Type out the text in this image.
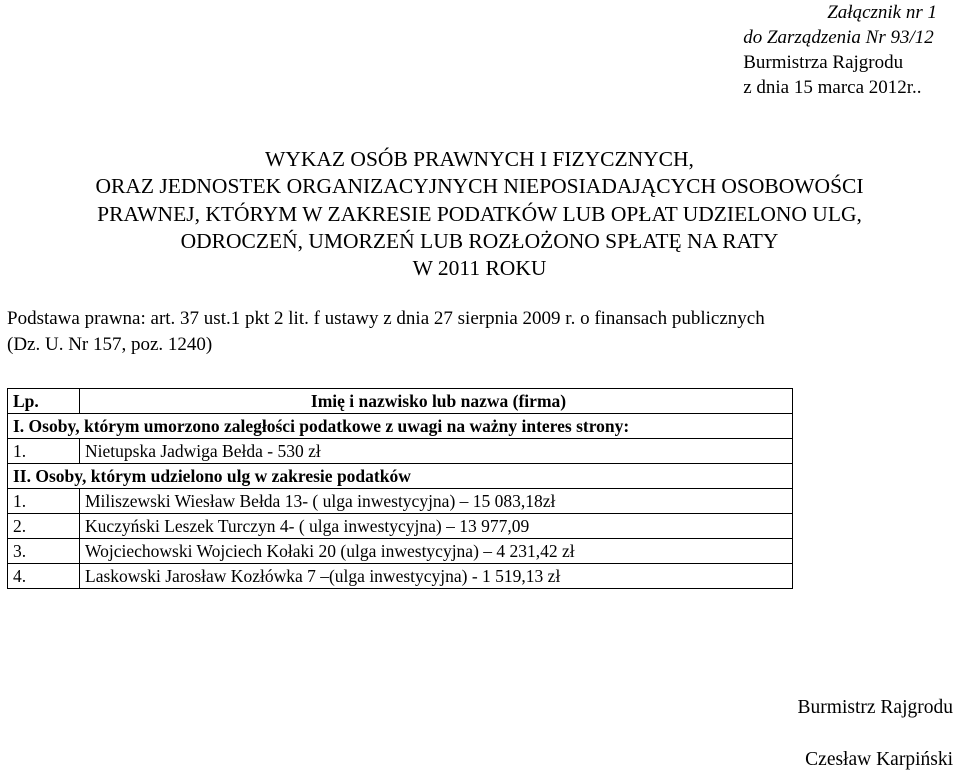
Załącznik nr 1
do Zarządzenia Nr 93/12
Burmistrza Rajgrodu
z dnia 15 marca 2012r..
WYKAZ OSÓB PRAWNYCH I FIZYCZNYCH,
ORAZ JEDNOSTEK ORGANIZACYJNYCH NIEPOSIADAJĄCYCH OSOBOWOŚCI
PRAWNEJ, KTÓRYM W ZAKRESIE PODATKÓW LUB OPŁAT UDZIELONO ULG,
ODROCZEŃ, UMORZEŃ LUB ROZŁOŻONO SPŁATĘ NA RATY
W 2011 ROKU
Podstawa prawna: art. 37 ust.1 pkt 2 lit. f ustawy z dnia 27 sierpnia 2009 r. o finansach publicznych
(Dz. U. Nr 157, poz. 1240)
Lp.	Imię i nazwisko lub nazwa (firma)
I. Osoby, którym umorzono zaległości podatkowe z uwagi na ważny interes strony:	
1.	Nietupska Jadwiga Bełda - 530 zł
II. Osoby, którym udzielono ulg w zakresie podatków	
1.	Miliszewski Wiesław Bełda 13- ( ulga inwestycyjna) – 15 083,18zł
2.	Kuczyński Leszek Turczyn 4- ( ulga inwestycyjna) – 13 977,09
3.	Wojciechowski Wojciech Kołaki 20 (ulga inwestycyjna) – 4 231,42 zł
4.	Laskowski Jarosław Kozłówka 7 –(ulga inwestycyjna) - 1 519,13 zł
Burmistrz Rajgrodu
Czesław Karpiński
